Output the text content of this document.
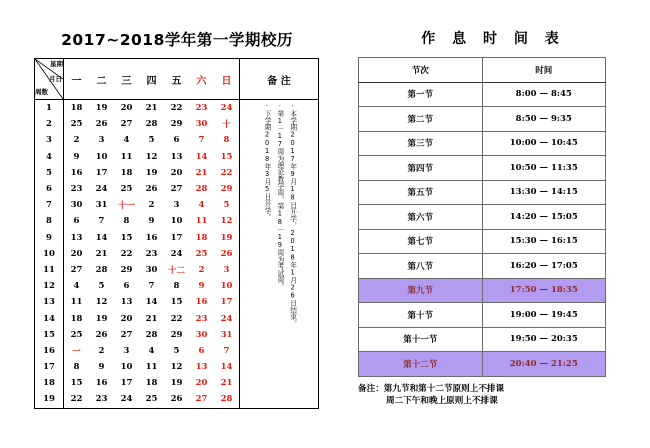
2017~2018学年第一学期校历
星期
月日
周数	一	二	三	四	五	六	日	备 注
1	18	19	20	21	22	23	24	·本学期2017年9月18日开学，2018年1月26日结束。
·第1－17周为理论教学周，第18－19周为考试周。
·下学期2018年3月5日开学。

2	25	26	27	28	29	30	十	
3	2	3	4	5	6	7	8	
4	9	10	11	12	13	14	15	
5	16	17	18	19	20	21	22	
6	23	24	25	26	27	28	29	
7	30	31	十一	2	3	4	5	
8	6	7	8	9	10	11	12	
9	13	14	15	16	17	18	19	
10	20	21	22	23	24	25	26	
11	27	28	29	30	十二	2	3	
12	4	5	6	7	8	9	10	
13	11	12	13	14	15	16	17	
14	18	19	20	21	22	23	24	
15	25	26	27	28	29	30	31	
16	一	2	3	4	5	6	7	
17	8	9	10	11	12	13	14	
18	15	16	17	18	19	20	21	
19	22	23	24	25	26	27	28	
作 息 时 间 表
节次	时间
第一节	8:00 — 8:45
第二节	8:50 — 9:35
第三节	10:00 — 10:45
第四节	10:50 — 11:35
第五节	13:30 — 14:15
第六节	14:20 — 15:05
第七节	15:30 — 16:15
第八节	16:20 — 17:05
第九节	17:50 — 18:35
第十节	19:00 — 19:45
第十一节	19:50 — 20:35
第十二节	20:40 — 21:25
备注：第九节和第十二节原则上不排课
周二下午和晚上原则上不排课
